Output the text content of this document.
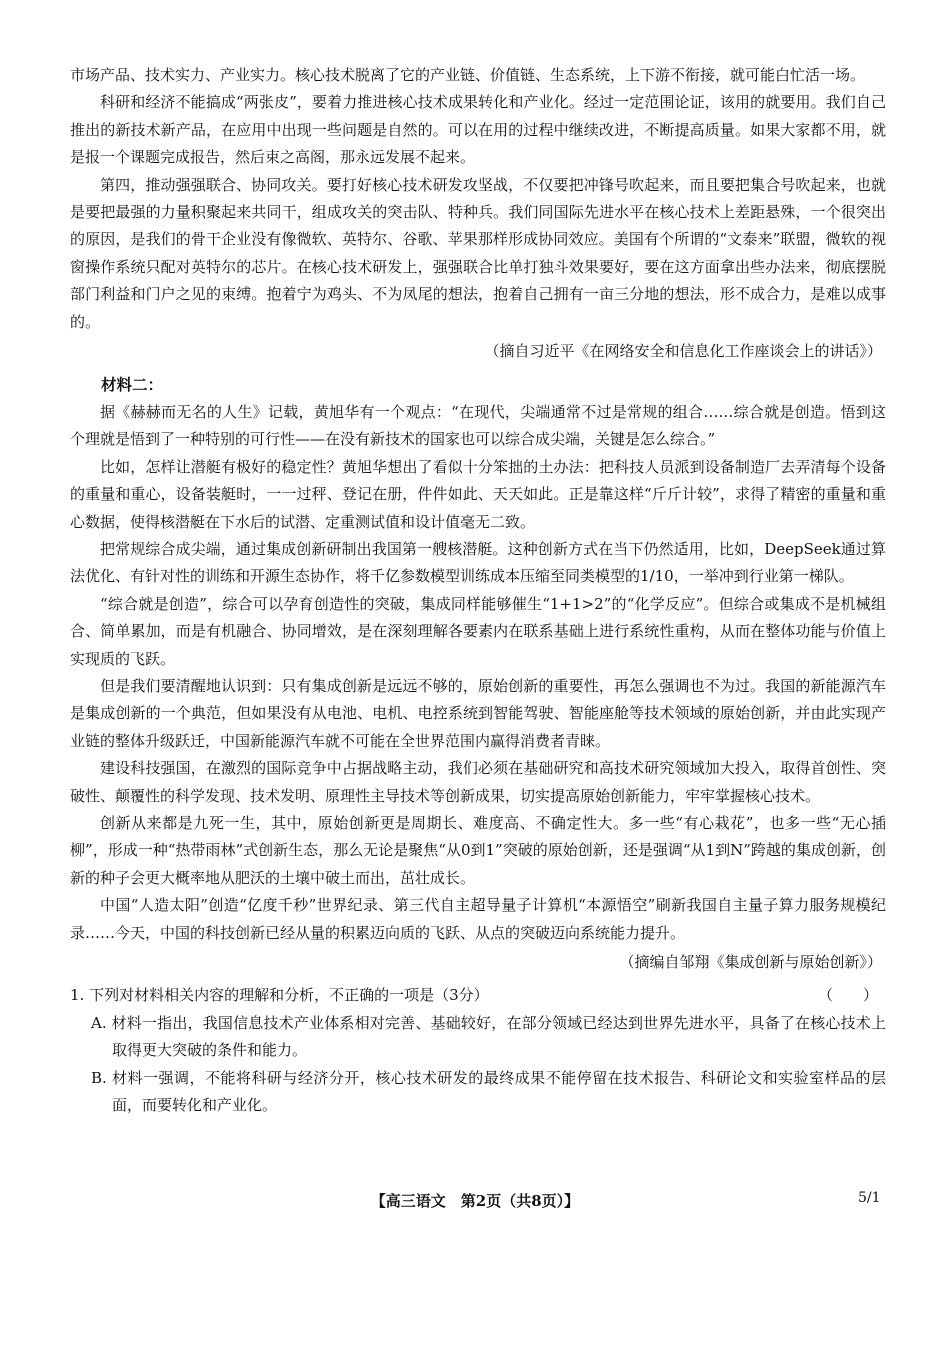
市场产品、技术实力、产业实力。核心技术脱离了它的产业链、价值链、生态系统，上下游不衔接，就可能白忙活一场。

科研和经济不能搞成“两张皮”，要着力推进核心技术成果转化和产业化。经过一定范围论证，该用的就要用。我们自己推出的新技术新产品，在应用中出现一些问题是自然的。可以在用的过程中继续改进，不断提高质量。如果大家都不用，就是报一个课题完成报告，然后束之高阁，那永远发展不起来。

第四，推动强强联合、协同攻关。要打好核心技术研发攻坚战，不仅要把冲锋号吹起来，而且要把集合号吹起来，也就是要把最强的力量积聚起来共同干，组成攻关的突击队、特种兵。我们同国际先进水平在核心技术上差距悬殊，一个很突出的原因，是我们的骨干企业没有像微软、英特尔、谷歌、苹果那样形成协同效应。美国有个所谓的“文泰来”联盟，微软的视窗操作系统只配对英特尔的芯片。在核心技术研发上，强强联合比单打独斗效果要好，要在这方面拿出些办法来，彻底摆脱部门利益和门户之见的束缚。抱着宁为鸡头、不为凤尾的想法，抱着自己拥有一亩三分地的想法，形不成合力，是难以成事的。

（摘自习近平《在网络安全和信息化工作座谈会上的讲话》）
  材料二：

据《赫赫而无名的人生》记载，黄旭华有一个观点：“在现代，尖端通常不过是常规的组合……综合就是创造。悟到这个理就是悟到了一种特别的可行性——在没有新技术的国家也可以综合成尖端，关键是怎么综合。”

比如，怎样让潜艇有极好的稳定性？黄旭华想出了看似十分笨拙的土办法：把科技人员派到设备制造厂去弄清每个设备的重量和重心，设备装艇时，一一过秤、登记在册，件件如此、天天如此。正是靠这样“斤斤计较”，求得了精密的重量和重心数据，使得核潜艇在下水后的试潜、定重测试值和设计值毫无二致。

把常规综合成尖端，通过集成创新研制出我国第一艘核潜艇。这种创新方式在当下仍然适用，比如，DeepSeek通过算法优化、有针对性的训练和开源生态协作，将千亿参数模型训练成本压缩至同类模型的1/10，一举冲到行业第一梯队。

“综合就是创造”，综合可以孕育创造性的突破，集成同样能够催生“1+1>2”的“化学反应”。但综合或集成不是机械组合、简单累加，而是有机融合、协同增效，是在深刻理解各要素内在联系基础上进行系统性重构，从而在整体功能与价值上实现质的飞跃。

但是我们要清醒地认识到：只有集成创新是远远不够的，原始创新的重要性，再怎么强调也不为过。我国的新能源汽车是集成创新的一个典范，但如果没有从电池、电机、电控系统到智能驾驶、智能座舱等技术领域的原始创新，并由此实现产业链的整体升级跃迁，中国新能源汽车就不可能在全世界范围内赢得消费者青睐。

建设科技强国，在激烈的国际竞争中占据战略主动，我们必须在基础研究和高技术研究领域加大投入，取得首创性、突破性、颠覆性的科学发现、技术发明、原理性主导技术等创新成果，切实提高原始创新能力，牢牢掌握核心技术。

创新从来都是九死一生，其中，原始创新更是周期长、难度高、不确定性大。多一些“有心栽花”，也多一些“无心插柳”，形成一种“热带雨林”式创新生态，那么无论是聚焦“从0到1”突破的原始创新，还是强调“从1到N”跨越的集成创新，创新的种子会更大概率地从肥沃的土壤中破土而出，茁壮成长。

中国“人造太阳”创造“亿度千秒”世界纪录、第三代自主超导量子计算机“本源悟空”刷新我国自主量子算力服务规模纪录……今天，中国的科技创新已经从量的积累迈向质的飞跃、从点的突破迈向系统能力提升。

（摘编自邹翔《集成创新与原始创新》）
1. 下列对材料相关内容的理解和分析，不正确的一项是（3分）	（　　）

A. 材料一指出，我国信息技术产业体系相对完善、基础较好，在部分领域已经达到世界先进水平，具备了在核心技术上取得更大突破的条件和能力。

B. 材料一强调，不能将科研与经济分开，核心技术研发的最终成果不能停留在技术报告、科研论文和实验室样品的层面，而要转化和产业化。

【高三语文　第2页（共8页）】	5/1
